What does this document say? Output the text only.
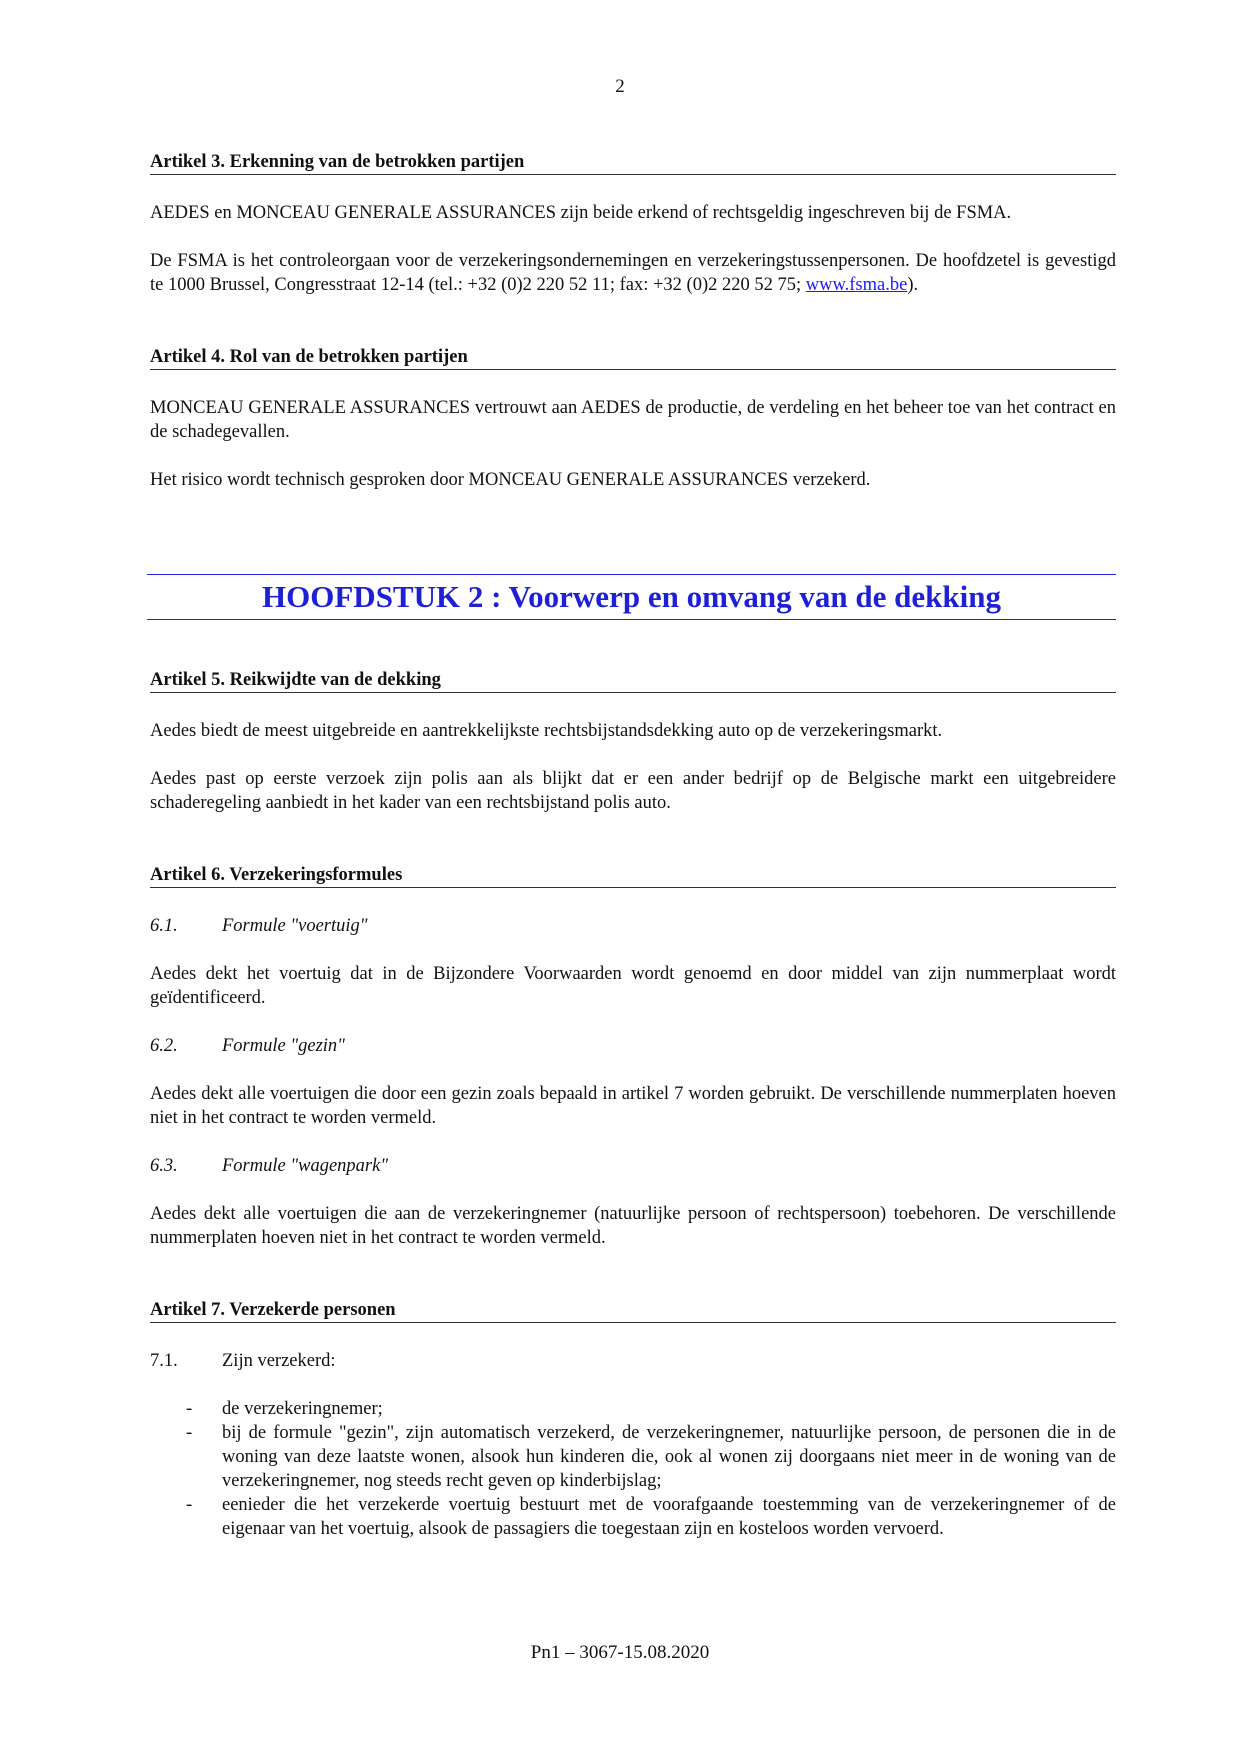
2
Artikel 3. Erkenning van de betrokken partijen

AEDES en MONCEAU GENERALE ASSURANCES zijn beide erkend of rechtsgeldig ingeschreven bij de FSMA.

De FSMA is het controleorgaan voor de verzekeringsondernemingen en verzekeringstussenpersonen. De hoofdzetel is gevestigd te 1000 Brussel, Congresstraat 12-14 (tel.: +32 (0)2 220 52 11; fax: +32 (0)2 220 52 75; www.fsma.be).

Artikel 4. Rol van de betrokken partijen

MONCEAU GENERALE ASSURANCES vertrouwt aan AEDES de productie, de verdeling en het beheer toe van het contract en de schadegevallen.

Het risico wordt technisch gesproken door MONCEAU GENERALE ASSURANCES verzekerd.

HOOFDSTUK 2 : Voorwerp en omvang van de dekking
Artikel 5. Reikwijdte van de dekking

Aedes biedt de meest uitgebreide en aantrekkelijkste rechtsbijstandsdekking auto op de verzekeringsmarkt.

Aedes past op eerste verzoek zijn polis aan als blijkt dat er een ander bedrijf op de Belgische markt een uitgebreidere schaderegeling aanbiedt in het kader van een rechtsbijstand polis auto.

Artikel 6. Verzekeringsformules
6.1.	Formule "voertuig"

Aedes dekt het voertuig dat in de Bijzondere Voorwaarden wordt genoemd en door middel van zijn nummerplaat wordt geïdentificeerd.

6.2.	Formule "gezin"

Aedes dekt alle voertuigen die door een gezin zoals bepaald in artikel 7 worden gebruikt. De verschillende nummerplaten hoeven niet in het contract te worden vermeld.

6.3.	Formule "wagenpark"

Aedes dekt alle voertuigen die aan de verzekeringnemer (natuurlijke persoon of rechtspersoon) toebehoren. De verschillende nummerplaten hoeven niet in het contract te worden vermeld.

Artikel 7. Verzekerde personen
7.1.	Zijn verzekerd:
-	de verzekeringnemer;
-	bij de formule "gezin", zijn automatisch verzekerd, de verzekeringnemer, natuurlijke persoon, de personen die in de woning van deze laatste wonen, alsook hun kinderen die, ook al wonen zij doorgaans niet meer in de woning van de verzekeringnemer, nog steeds recht geven op kinderbijslag;
-	eenieder die het verzekerde voertuig bestuurt met de voorafgaande toestemming van de verzekeringnemer of de eigenaar van het voertuig, alsook de passagiers die toegestaan zijn en kosteloos worden vervoerd.
Pn1 – 3067-15.08.2020
